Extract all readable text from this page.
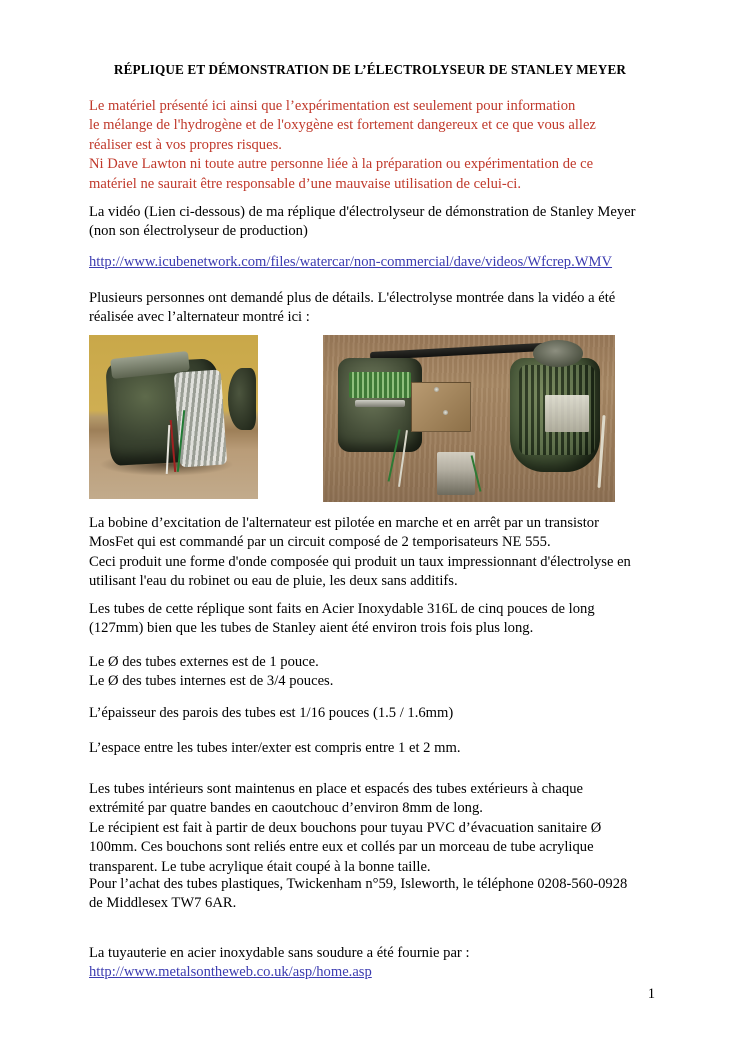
RÉPLIQUE ET DÉMONSTRATION DE L’ÉLECTROLYSEUR DE STANLEY MEYER
Le matériel présenté ici ainsi que l’expérimentation est seulement pour information
le mélange de l'hydrogène et de l'oxygène est fortement dangereux et ce que vous allez
réaliser est à vos propres risques.
Ni Dave Lawton ni toute autre personne liée à la préparation ou expérimentation de ce
matériel ne saurait être responsable d’une mauvaise utilisation de celui-ci.
La vidéo (Lien ci-dessous) de ma réplique d'électrolyseur de démonstration de Stanley Meyer
(non son électrolyseur de production)
http://www.icubenetwork.com/files/watercar/non-commercial/dave/videos/Wfcrep.WMV
Plusieurs personnes ont demandé plus de détails. L'électrolyse montrée dans la vidéo a été
réalisée avec l’alternateur montré ici :
La bobine d’excitation de l'alternateur est pilotée en marche et en arrêt par un transistor
MosFet qui est commandé par un circuit composé de 2 temporisateurs NE 555.
Ceci produit une forme d'onde composée qui produit un taux impressionnant d'électrolyse en
utilisant l'eau du robinet ou eau de pluie, les deux sans additifs.
Les tubes de cette réplique sont faits en Acier Inoxydable 316L de cinq pouces de long
(127mm) bien que les tubes de Stanley aient été environ trois fois plus long.
Le Ø des tubes externes est de 1 pouce.
Le Ø des tubes internes est de 3/4 pouces.
L’épaisseur des parois des tubes est 1/16 pouces (1.5 / 1.6mm)
L’espace entre les tubes inter/exter est compris entre 1 et 2 mm.
Les tubes intérieurs sont maintenus en place et espacés des tubes extérieurs à chaque
extrémité par quatre bandes en caoutchouc d’environ 8mm de long.
Le récipient est fait à partir de deux bouchons pour tuyau PVC d’évacuation sanitaire Ø
100mm. Ces bouchons sont reliés entre eux et collés par un morceau de tube acrylique
transparent. Le tube acrylique était coupé à la bonne taille.
Pour l’achat des tubes plastiques, Twickenham n°59, Isleworth, le téléphone 0208-560-0928
de Middlesex TW7 6AR.
La tuyauterie en acier inoxydable sans soudure a été fournie par :
http://www.metalsontheweb.co.uk/asp/home.asp
1
